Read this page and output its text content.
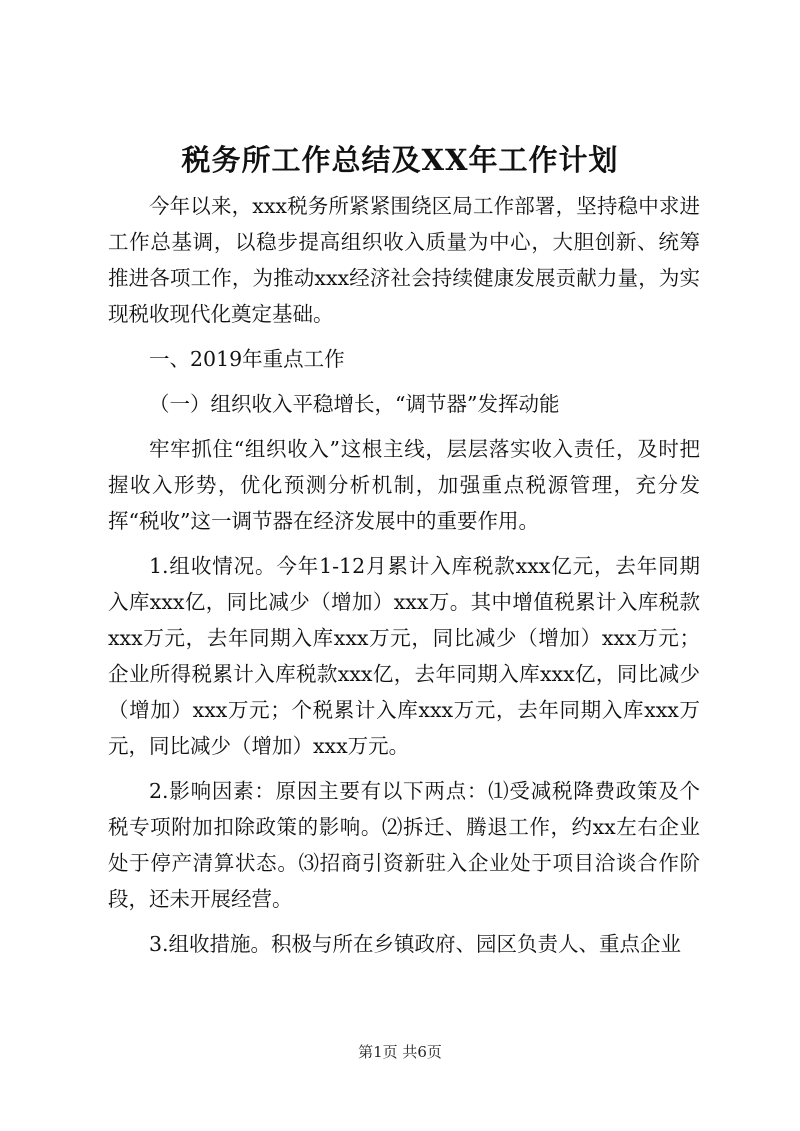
税务所工作总结及XX年工作计划

今年以来，xxx税务所紧紧围绕区局工作部署，坚持稳中求进工作总基调，以稳步提高组织收入质量为中心，大胆创新、统筹推进各项工作，为推动xxx经济社会持续健康发展贡献力量，为实现税收现代化奠定基础。

一、2019年重点工作

（一）组织收入平稳增长，“调节器”发挥动能

牢牢抓住“组织收入”这根主线，层层落实收入责任，及时把握收入形势，优化预测分析机制，加强重点税源管理，充分发挥“税收”这一调节器在经济发展中的重要作用。

1.组收情况。今年1-12月累计入库税款xxx亿元，去年同期入库xxx亿，同比减少（增加）xxx万。其中增值税累计入库税款xxx万元，去年同期入库xxx万元，同比减少（增加）xxx万元；企业所得税累计入库税款xxx亿，去年同期入库xxx亿，同比减少（增加）xxx万元；个税累计入库xxx万元，去年同期入库xxx万元，同比减少（增加）xxx万元。

2.影响因素：原因主要有以下两点：⑴受减税降费政策及个税专项附加扣除政策的影响。⑵拆迁、腾退工作，约xx左右企业处于停产清算状态。⑶招商引资新驻入企业处于项目洽谈合作阶段，还未开展经营。

3.组收措施。积极与所在乡镇政府、园区负责人、重点企业

第1页 共6页
